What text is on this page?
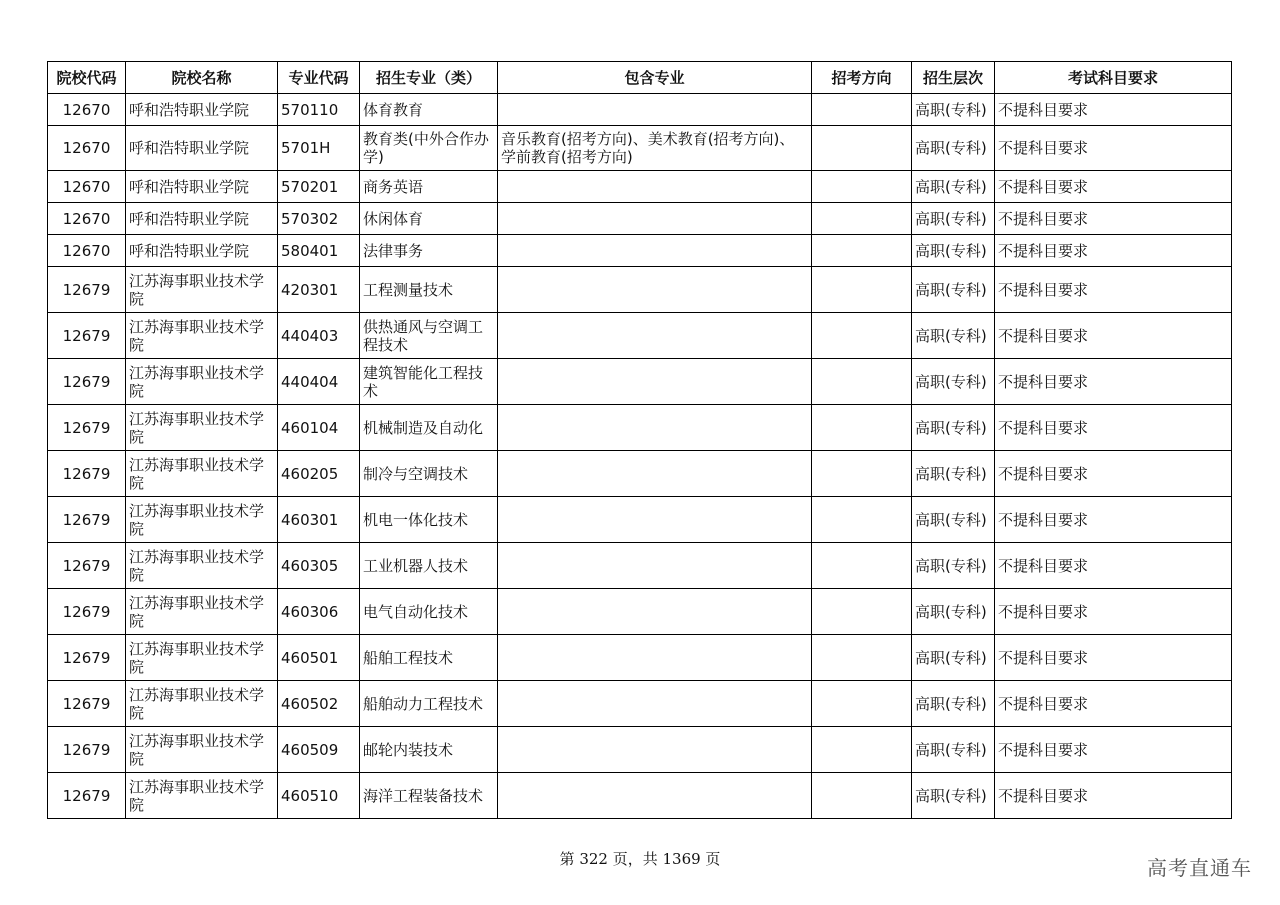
院校代码	院校名称	专业代码	招生专业（类）	包含专业	招考方向	招生层次	考试科目要求
12670	呼和浩特职业学院	570110	体育教育			高职(专科)	不提科目要求
12670	呼和浩特职业学院	5701H	教育类(中外合作办学)	音乐教育(招考方向)、美术教育(招考方向)、学前教育(招考方向)		高职(专科)	不提科目要求
12670	呼和浩特职业学院	570201	商务英语			高职(专科)	不提科目要求
12670	呼和浩特职业学院	570302	休闲体育			高职(专科)	不提科目要求
12670	呼和浩特职业学院	580401	法律事务			高职(专科)	不提科目要求
12679	江苏海事职业技术学院	420301	工程测量技术			高职(专科)	不提科目要求
12679	江苏海事职业技术学院	440403	供热通风与空调工程技术			高职(专科)	不提科目要求
12679	江苏海事职业技术学院	440404	建筑智能化工程技术			高职(专科)	不提科目要求
12679	江苏海事职业技术学院	460104	机械制造及自动化			高职(专科)	不提科目要求
12679	江苏海事职业技术学院	460205	制冷与空调技术			高职(专科)	不提科目要求
12679	江苏海事职业技术学院	460301	机电一体化技术			高职(专科)	不提科目要求
12679	江苏海事职业技术学院	460305	工业机器人技术			高职(专科)	不提科目要求
12679	江苏海事职业技术学院	460306	电气自动化技术			高职(专科)	不提科目要求
12679	江苏海事职业技术学院	460501	船舶工程技术			高职(专科)	不提科目要求
12679	江苏海事职业技术学院	460502	船舶动力工程技术			高职(专科)	不提科目要求
12679	江苏海事职业技术学院	460509	邮轮内装技术			高职(专科)	不提科目要求
12679	江苏海事职业技术学院	460510	海洋工程装备技术			高职(专科)	不提科目要求
第 322 页，共 1369 页	高考直通车
